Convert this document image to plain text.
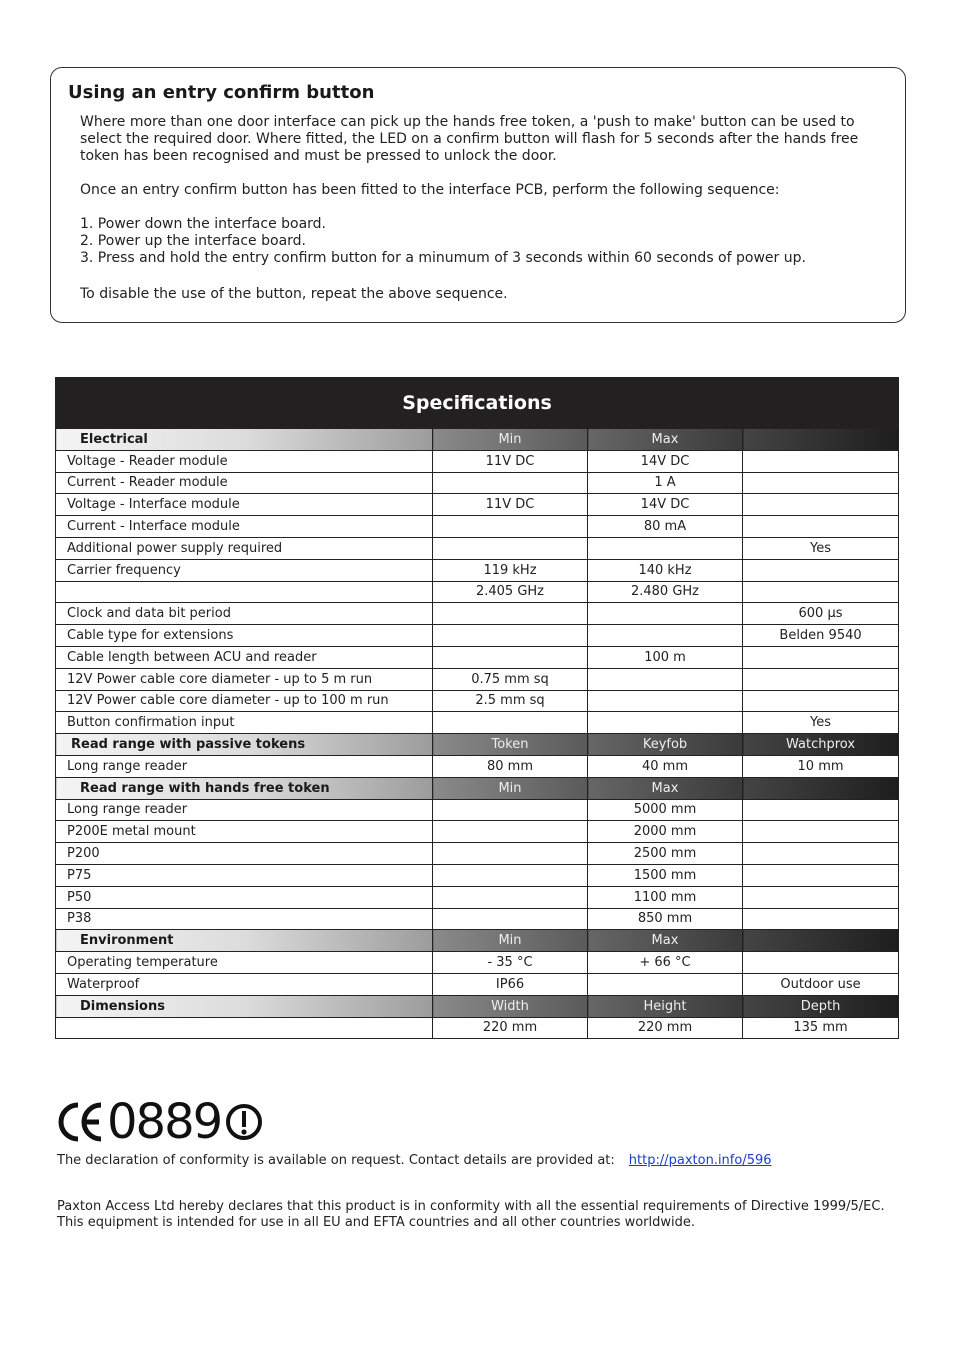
Using an entry confirm button

Where more than one door interface can pick up the hands free token, a 'push to make' button can be used to select the required door. Where fitted, the LED on a confirm button will flash for 5 seconds after the hands free token has been recognised and must be pressed to unlock the door.

Once an entry confirm button has been fitted to the interface PCB, perform the following sequence:

1. Power down the interface board.
2. Power up the interface board.
3. Press and hold the entry confirm button for a minumum of 3 seconds within 60 seconds of power up.

To disable the use of the button, repeat the above sequence.

Specifications			
Electrical	Min	Max	
Voltage - Reader module	11V DC	14V DC	
Current - Reader module		1 A	
Voltage - Interface module	11V DC	14V DC	
Current - Interface module		80 mA	
Additional power supply required			Yes
Carrier frequency	119 kHz	140 kHz	
	2.405 GHz	2.480 GHz	
Clock and data bit period			600 µs
Cable type for extensions			Belden 9540
Cable length between ACU and reader		100 m	
12V Power cable core diameter - up to 5 m run	0.75 mm sq		
12V Power cable core diameter - up to 100 m run	2.5 mm sq		
Button confirmation input			Yes
Read range with passive tokens	Token	Keyfob	Watchprox
Long range reader	80 mm	40 mm	10 mm
Read range with hands free token	Min	Max	
Long range reader		5000 mm	
P200E metal mount		2000 mm	
P200		2500 mm	
P75		1500 mm	
P50		1100 mm	
P38		850 mm	
Environment	Min	Max	
Operating temperature	- 35 °C	+ 66 °C	
Waterproof	IP66		Outdoor use
Dimensions	Width	Height	Depth
	220 mm	220 mm	135 mm
0889
The declaration of conformity is available on request. Contact details are provided at: http://paxton.info/596

Paxton Access Ltd hereby declares that this product is in conformity with all the essential requirements of Directive 1999/5/EC.
This equipment is intended for use in all EU and EFTA countries and all other countries worldwide.
